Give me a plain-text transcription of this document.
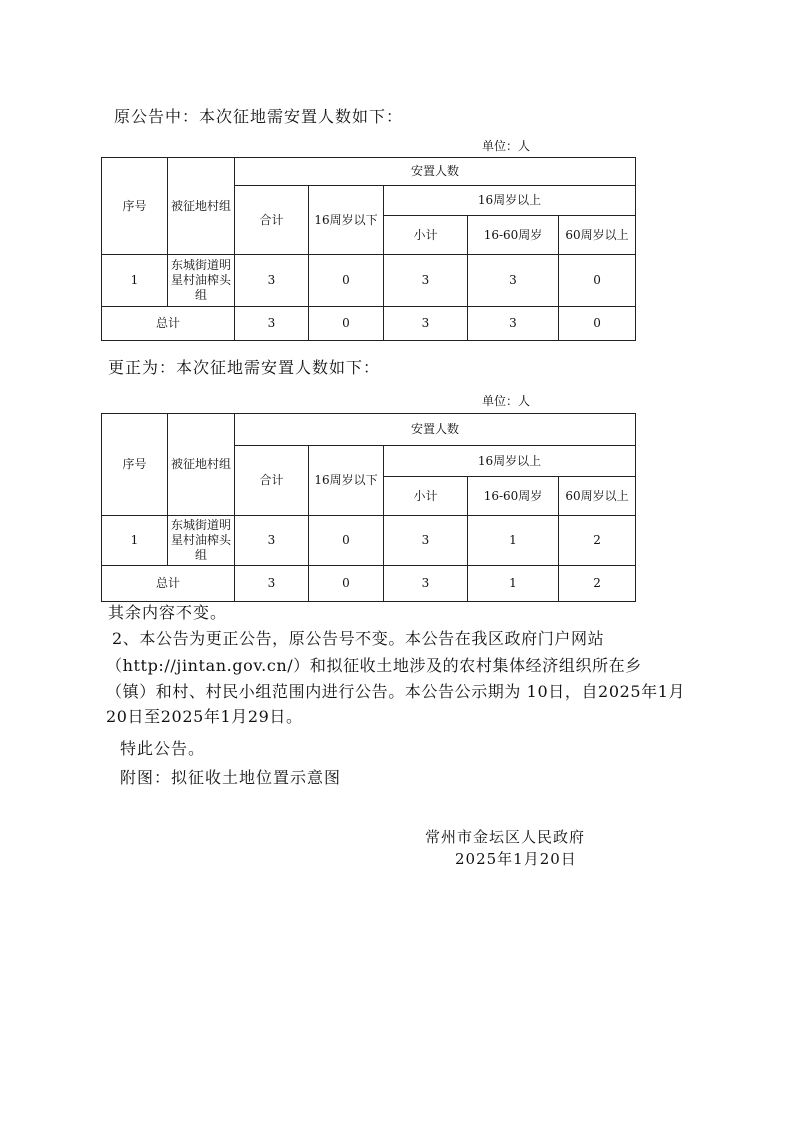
原公告中：本次征地需安置人数如下：
单位：人
序号	被征地村组	安置人数				
		合计	16周岁以下	16周岁以上		
				小计	16-60周岁	60周岁以上
1	东城街道明星村油榨头组	3	0	3	3	0
总计		3	0	3	3	0
更正为：本次征地需安置人数如下：
单位：人
序号	被征地村组	安置人数				
		合计	16周岁以下	16周岁以上		
				小计	16-60周岁	60周岁以上
1	东城街道明星村油榨头组	3	0	3	1	2
总计		3	0	3	1	2
其余内容不变。
2、本公告为更正公告，原公告号不变。本公告在我区政府门户网站
（http://jintan.gov.cn/）和拟征收土地涉及的农村集体经济组织所在乡
（镇）和村、村民小组范围内进行公告。本公告公示期为 10日，自2025年1月
20日至2025年1月29日。
特此公告。
附图：拟征收土地位置示意图
常州市金坛区人民政府
2025年1月20日
